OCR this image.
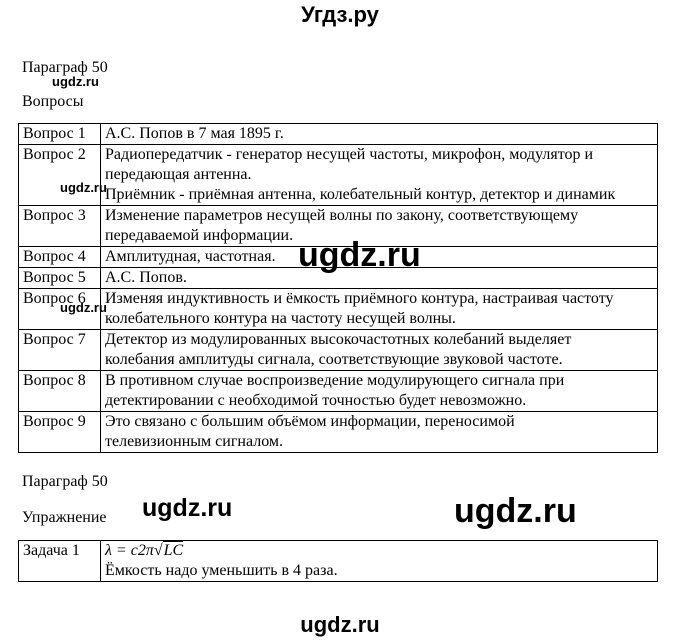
Угдз.ру
Параграф 50
Вопросы
Вопрос 1	А.С. Попов в 7 мая 1895 г.

Вопрос 2	Радиопередатчик - генератор несущей частоты, микрофон, модулятор и
передающая антенна.
Приёмник - приёмная антенна, колебательный контур, детектор и динамик

Вопрос 3	Изменение параметров несущей волны по закону, соответствующему
передаваемой информации.

Вопрос 4	Амплитудная, частотная.

Вопрос 5	А.С. Попов.

Вопрос 6	Изменяя индуктивность и ёмкость приёмного контура, настраивая частоту
колебательного контура на частоту несущей волны.

Вопрос 7	Детектор из модулированных высокочастотных колебаний выделяет
колебания амплитуды сигнала, соответствующие звуковой частоте.

Вопрос 8	В противном случае воспроизведение модулирующего сигнала при
детектировании с необходимой точностью будет невозможно.

Вопрос 9	Это связано с большим объёмом информации, переносимой
телевизионным сигналом.
Параграф 50
Упражнение
Задача 1	λ = c2π√LC
Ёмкость надо уменьшить в 4 раза.
ugdz.ru
ugdz.ru
ugdz.ru
ugdz.ru
ugdz.ru	ugdz.ru
ugdz.ru
